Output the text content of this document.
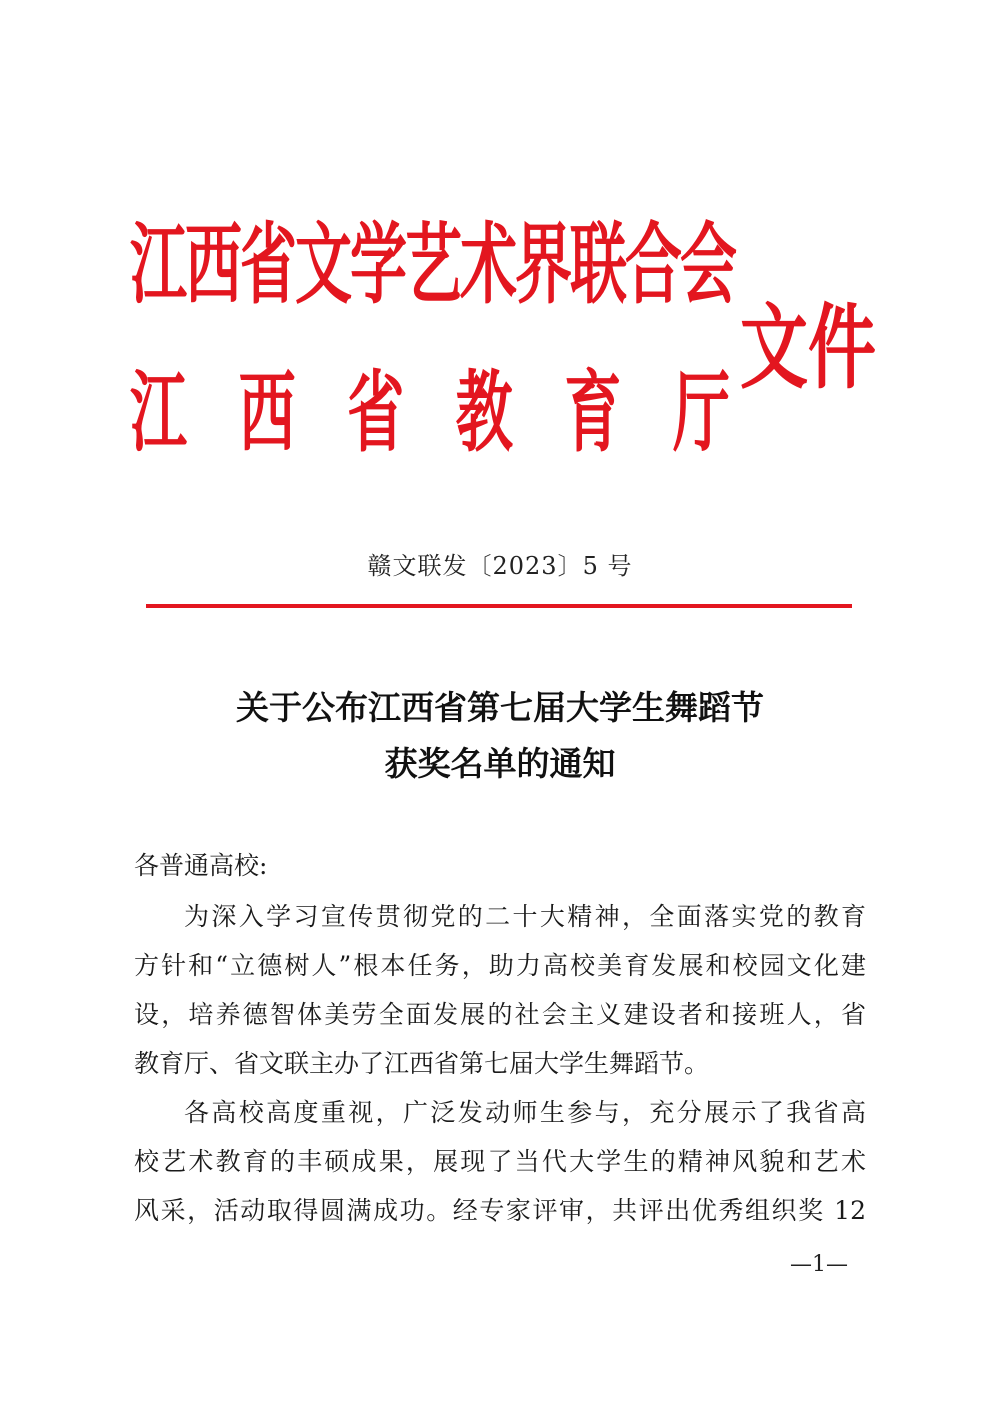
江西省文学艺术界联合会
江 西 省 教 育 厅
文件
赣文联发〔2023〕5 号
关于公布江西省第七届大学生舞蹈节
获奖名单的通知
各普通高校:

为深入学习宣传贯彻党的二十大精神，全面落实党的教育
方针和“立德树人”根本任务，助力高校美育发展和校园文化建
设，培养德智体美劳全面发展的社会主义建设者和接班人，省
教育厅、省文联主办了江西省第七届大学生舞蹈节。

各高校高度重视，广泛发动师生参与，充分展示了我省高
校艺术教育的丰硕成果，展现了当代大学生的精神风貌和艺术
风采，活动取得圆满成功。经专家评审，共评出优秀组织奖 12

—1—
